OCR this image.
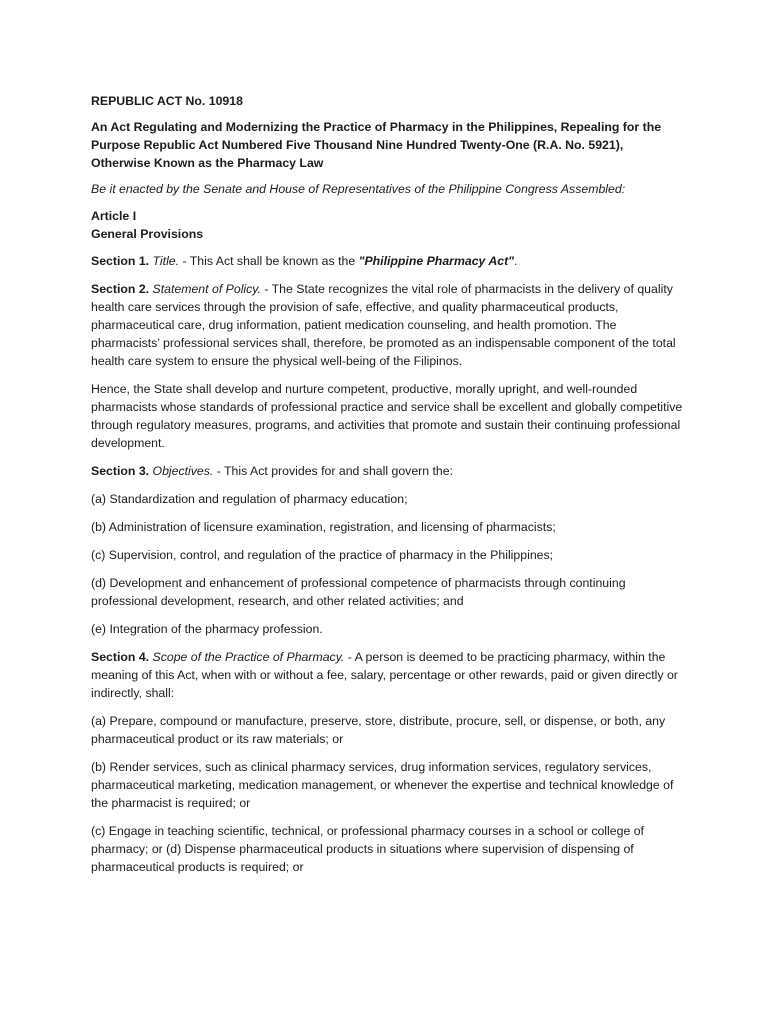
REPUBLIC ACT No. 10918

An Act Regulating and Modernizing the Practice of Pharmacy in the Philippines, Repealing for the Purpose Republic Act Numbered Five Thousand Nine Hundred Twenty-One (R.A. No. 5921), Otherwise Known as the Pharmacy Law

Be it enacted by the Senate and House of Representatives of the Philippine Congress Assembled:

Article I
General Provisions

Section 1. Title. - This Act shall be known as the "Philippine Pharmacy Act".

Section 2. Statement of Policy. - The State recognizes the vital role of pharmacists in the delivery of quality health care services through the provision of safe, effective, and quality pharmaceutical products, pharmaceutical care, drug information, patient medication counseling, and health promotion. The pharmacists’ professional services shall, therefore, be promoted as an indispensable component of the total health care system to ensure the physical well-being of the Filipinos.

Hence, the State shall develop and nurture competent, productive, morally upright, and well-rounded pharmacists whose standards of professional practice and service shall be excellent and globally competitive through regulatory measures, programs, and activities that promote and sustain their continuing professional development.

Section 3. Objectives. - This Act provides for and shall govern the:

(a) Standardization and regulation of pharmacy education;

(b) Administration of licensure examination, registration, and licensing of pharmacists;

(c) Supervision, control, and regulation of the practice of pharmacy in the Philippines;

(d) Development and enhancement of professional competence of pharmacists through continuing professional development, research, and other related activities; and

(e) Integration of the pharmacy profession.

Section 4. Scope of the Practice of Pharmacy. - A person is deemed to be practicing pharmacy, within the meaning of this Act, when with or without a fee, salary, percentage or other rewards, paid or given directly or indirectly, shall:

(a) Prepare, compound or manufacture, preserve, store, distribute, procure, sell, or dispense, or both, any pharmaceutical product or its raw materials; or

(b) Render services, such as clinical pharmacy services, drug information services, regulatory services, pharmaceutical marketing, medication management, or whenever the expertise and technical knowledge of the pharmacist is required; or

(c) Engage in teaching scientific, technical, or professional pharmacy courses in a school or college of pharmacy; or (d) Dispense pharmaceutical products in situations where supervision of dispensing of pharmaceutical products is required; or
